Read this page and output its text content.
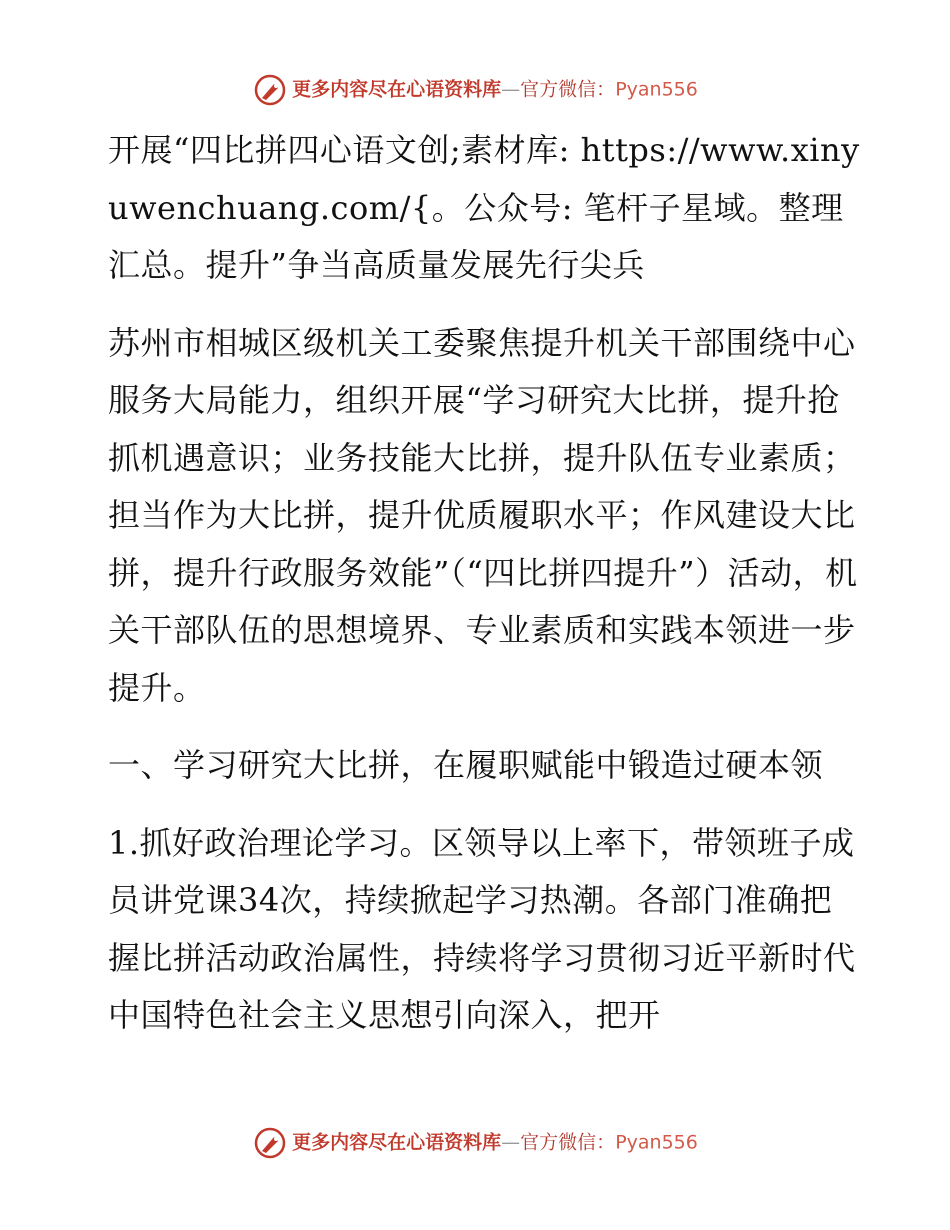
更多内容尽在心语资料库—官方微信：Pyan556

开展“四比拼四心语文创;素材库: https://www.xinyuwenchuang.com/{。公众号: 笔杆子星域。整理汇总。提升”争当高质量发展先行尖兵

苏州市相城区级机关工委聚焦提升机关干部围绕中心服务大局能力，组织开展“学习研究大比拼，提升抢抓机遇意识；业务技能大比拼，提升队伍专业素质；担当作为大比拼，提升优质履职水平；作风建设大比拼，提升行政服务效能”（“四比拼四提升”）活动，机关干部队伍的思想境界、专业素质和实践本领进一步提升。

一、学习研究大比拼，在履职赋能中锻造过硬本领

1.抓好政治理论学习。区领导以上率下，带领班子成员讲党课34次，持续掀起学习热潮。各部门准确把握比拼活动政治属性，持续将学习贯彻习近平新时代中国特色社会主义思想引向深入，把开

更多内容尽在心语资料库—官方微信：Pyan556
